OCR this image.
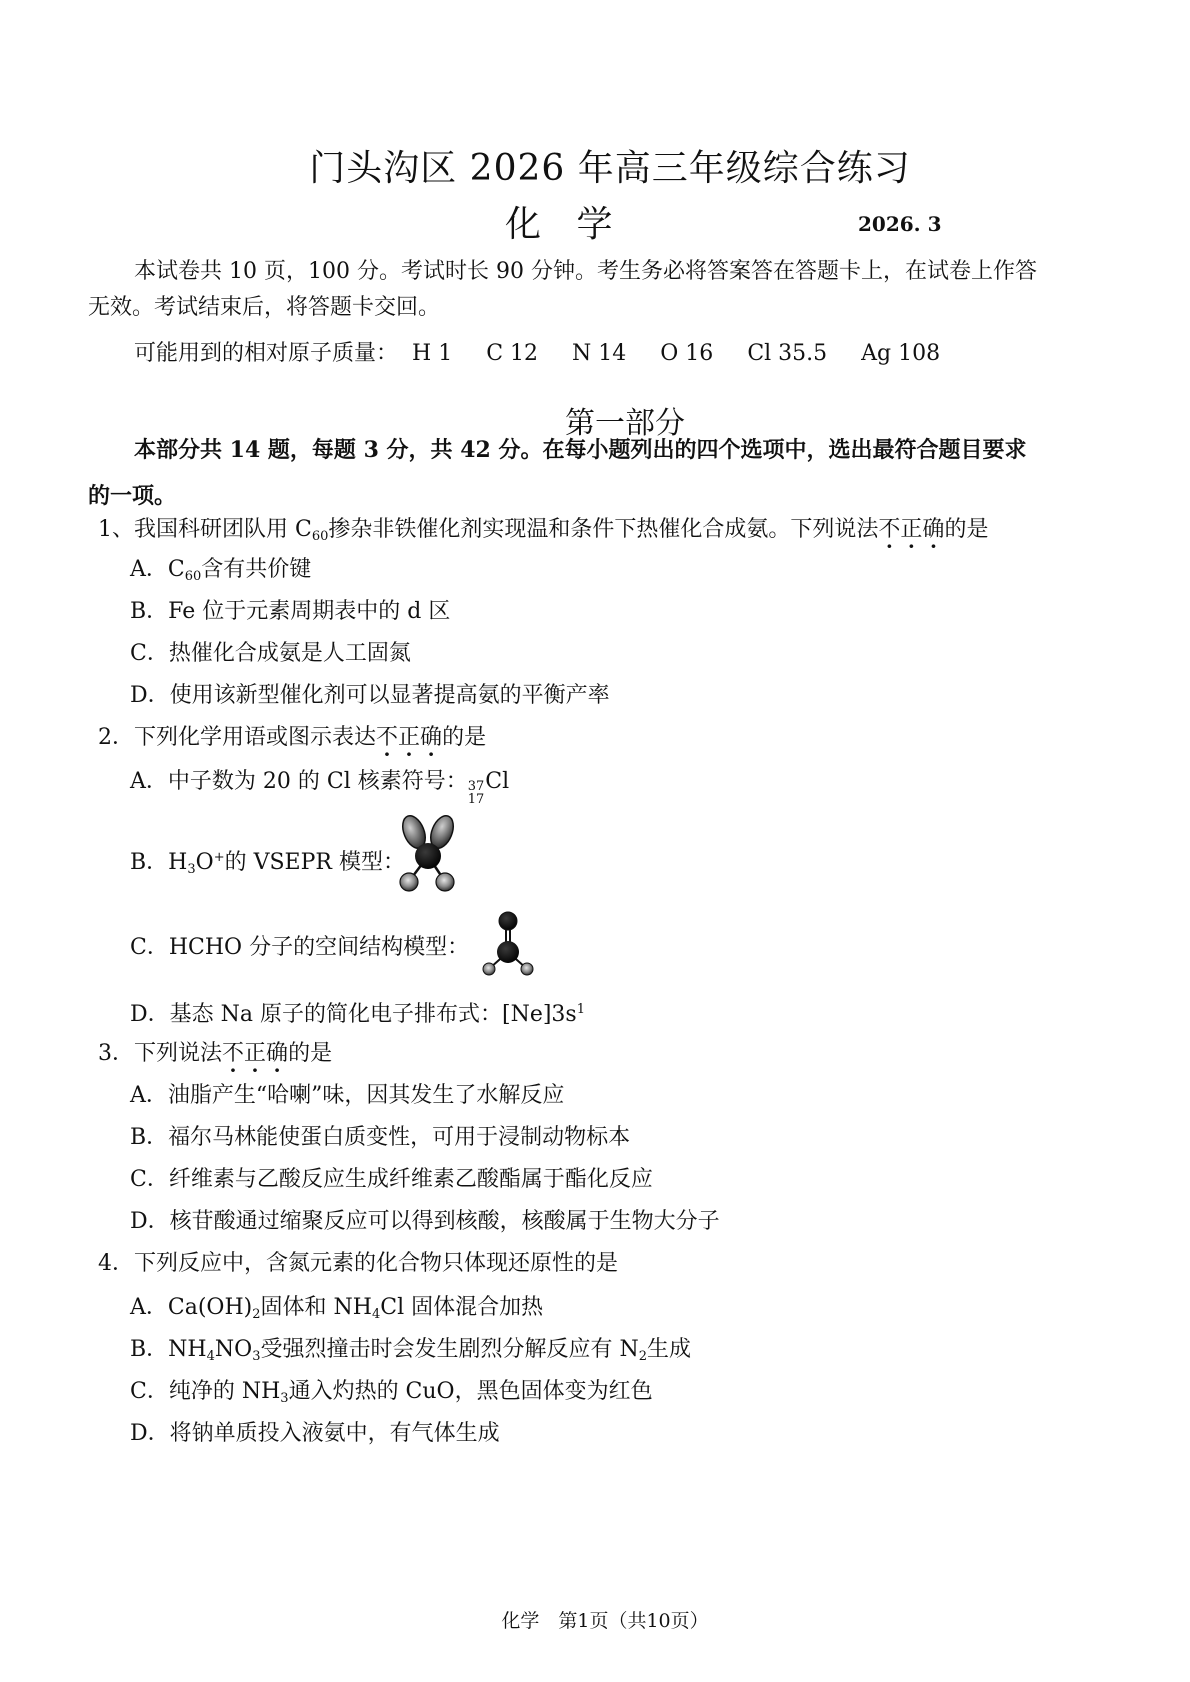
门头沟区 2026 年高三年级综合练习
化 学	2026. 3
本试卷共 10 页，100 分。考试时长 90 分钟。考生务必将答案答在答题卡上，在试卷上作答
无效。考试结束后，将答题卡交回。
可能用到的相对原子质量： H 1 C 12 N 14 O 16 Cl 35.5 Ag 108
第一部分
本部分共 14 题，每题 3 分，共 42 分。在每小题列出的四个选项中，选出最符合题目要求
的一项。
1、我国科研团队用 $C_{60}$掺杂非铁催化剂实现温和条件下热催化合成氨。下列说法不正确的是
A．$C_{60}$含有共价键
B．Fe 位于元素周期表中的 d 区
C．热催化合成氨是人工固氮
D．使用该新型催化剂可以显著提高氨的平衡产率
2．下列化学用语或图示表达不正确的是
A．中子数为 20 的 Cl 核素符号： 37
17
Cl
B．$H_3O^+$的 VSEPR 模型：
C．HCHO 分子的空间结构模型：
D．基态 Na 原子的简化电子排布式：$[Ne]3s^1$
3．下列说法不正确的是
A．油脂产生“哈喇”味，因其发生了水解反应
B．福尔马林能使蛋白质变性，可用于浸制动物标本
C．纤维素与乙酸反应生成纤维素乙酸酯属于酯化反应
D．核苷酸通过缩聚反应可以得到核酸，核酸属于生物大分子
4．下列反应中，含氮元素的化合物只体现还原性的是
A．$Ca(OH)_2$固体和 $NH_4Cl$ 固体混合加热
B．$NH_4NO_3$受强烈撞击时会发生剧烈分解反应有 $N_2$生成
C．纯净的 $NH_3$通入灼热的 CuO，黑色固体变为红色
D．将钠单质投入液氨中，有气体生成
化学　第1页（共10页）
